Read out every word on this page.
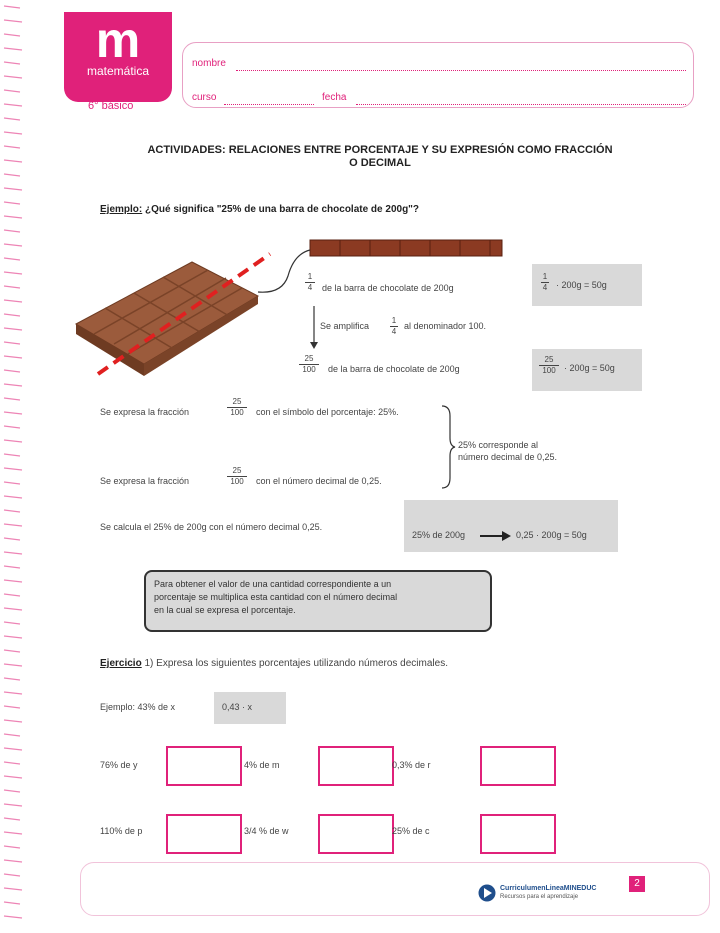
m
matemática
6° básico
nombre
curso	fecha
ACTIVIDADES: RELACIONES ENTRE PORCENTAJE Y SU EXPRESIÓN COMO FRACCIÓN
O DECIMAL
Ejemplo: ¿Qué significa "25% de una barra de chocolate de 200g"?
$\frac{1}{4}$ de la barra de chocolate de 200g	$\frac{1}{4} \cdot 200g = 50g$
Se amplifica $\frac{1}{4}$ al denominador 100.
$\frac{25}{100}$ de la barra de chocolate de 200g	$\frac{25}{100} \cdot 200g = 50g$
Se expresa la fracción	$\frac{25}{100}$ con el símbolo del porcentaje: 25%.
Se expresa la fracción	$\frac{25}{100}$ con el número decimal de 0,25.
25% corresponde al
número decimal de 0,25.
Se calcula el 25% de 200g con el número decimal 0,25.
25% de 200g	0,25 · 200g = 50g

Para obtener el valor de una cantidad correspondiente a un
porcentaje se multiplica esta cantidad con el número decimal
en la cual se expresa el porcentaje.

Ejercicio 1) Expresa los siguientes porcentajes utilizando números decimales.
Ejemplo: 43% de x	0,43 · x
76% de y	4% de m	0,3% de r
110% de p	3/4 % de w	25% de c
CurriculumenLineaMINEDUC
Recursos para el aprendizaje
2
